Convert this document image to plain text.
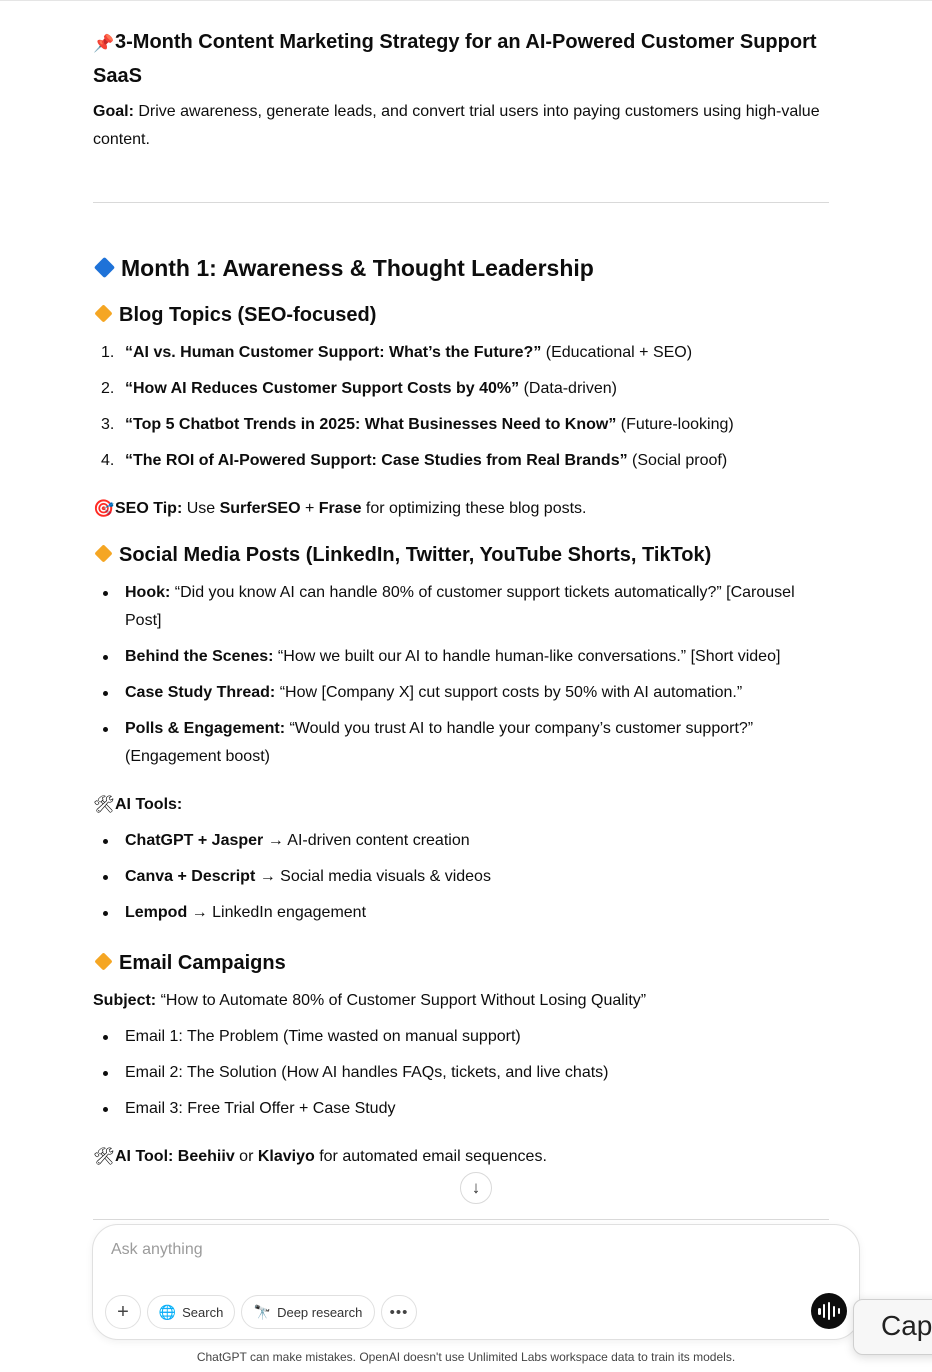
📌3-Month Content Marketing Strategy for an AI-Powered Customer Support SaaS
Goal: Drive awareness, generate leads, and convert trial users into paying customers using high-value content.
Month 1: Awareness & Thought Leadership
Blog Topics (SEO-focused)
1. “AI vs. Human Customer Support: What’s the Future?” (Educational + SEO)
2. “How AI Reduces Customer Support Costs by 40%” (Data-driven)
3. “Top 5 Chatbot Trends in 2025: What Businesses Need to Know” (Future-looking)
4. “The ROI of AI-Powered Support: Case Studies from Real Brands” (Social proof)
🎯SEO Tip: Use SurferSEO + Frase for optimizing these blog posts.
Social Media Posts (LinkedIn, Twitter, YouTube Shorts, TikTok)
Hook: “Did you know AI can handle 80% of customer support tickets automatically?” [Carousel Post]
Behind the Scenes: “How we built our AI to handle human-like conversations.” [Short video]
Case Study Thread: “How [Company X] cut support costs by 50% with AI automation.”
Polls & Engagement: “Would you trust AI to handle your company’s customer support?” (Engagement boost)
🛠AI Tools:
ChatGPT + Jasper → AI-driven content creation
Canva + Descript → Social media visuals & videos
Lempod → LinkedIn engagement
Email Campaigns
Subject: “How to Automate 80% of Customer Support Without Losing Quality”
Email 1: The Problem (Time wasted on manual support)
Email 2: The Solution (How AI handles FAQs, tickets, and live chats)
Email 3: Free Trial Offer + Case Study
🛠AI Tool: Beehiiv or Klaviyo for automated email sequences.
↓
Ask anything
+ 🌐 Search 🔭 Deep research •••	Cap
ChatGPT can make mistakes. OpenAI doesn't use Unlimited Labs workspace data to train its models.
